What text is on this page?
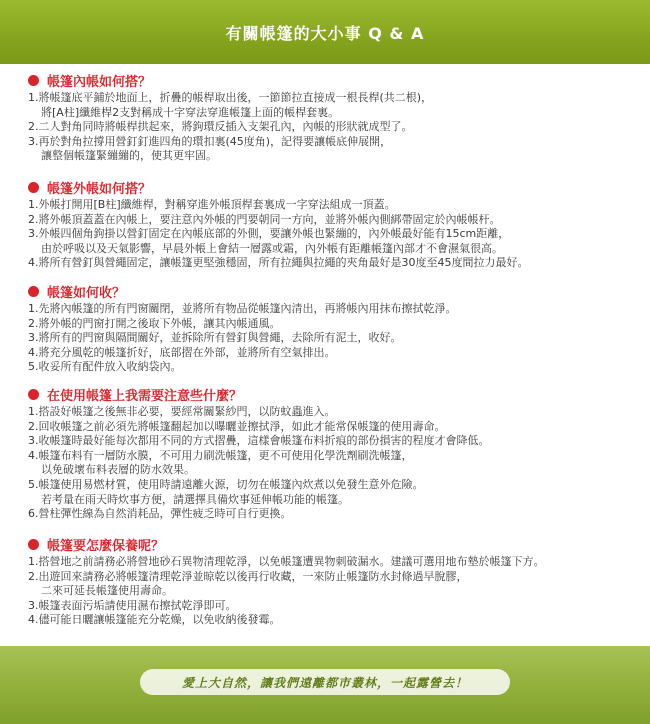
有關帳篷的大小事 Q & A
帳篷內帳如何搭？
1.將帳篷底平鋪於地面上，折疊的帳桿取出後，一節節拉直接成一根長桿(共二根)，
將[A柱]纖維桿2支對稱成十字穿法穿進帳篷上面的帳桿套裏。
2.二人對角同時將帳桿拱起來，將鉤環反插入支架孔內，內帳的形狀就成型了。
3.再於對角拉撐用營釘釘進四角的環扣裏(45度角)，記得要讓帳底伸展開，
讓整個帳篷緊繃繃的，使其更牢固。
帳篷外帳如何搭？
1.外帳打開用[B柱]纖維桿，對稱穿進外帳頂桿套裏成一字穿法組成一頂蓋。
2.將外帳頂蓋蓋在內帳上，要注意內外帳的門要朝同一方向，並將外帳內側綁帶固定於內帳帳杆。
3.外帳四個角鉤掛以營釘固定在內帳底部的外側，要讓外帳也緊繃的，內外帳最好能有15cm距離，
由於呼吸以及天氣影響，早晨外帳上會結一層露或霜，內外帳有距離帳篷內部才不會濕氣很高。
4.將所有營釘與營繩固定，讓帳篷更堅強穩固，所有拉繩與拉繩的夾角最好是30度至45度間拉力最好。
帳篷如何收？
1.先將內帳篷的所有門窗關閉，並將所有物品從帳篷內清出，再將帳內用抹布擦拭乾淨。
2.將外帳的門窗打開之後取下外帳，讓其內帳通風。
3.將所有的門窗與隔間關好，並拆除所有營釘與營繩，去除所有泥土，收好。
4.將充分風乾的帳篷折好，底部摺在外部，並將所有空氣排出。
5.收妥所有配件放入收納袋內。
在使用帳篷上我需要注意些什麼？
1.搭設好帳篷之後無非必要，要經常關緊紗門，以防蚊蟲進入。
2.回收帳篷之前必須先將帳篷翻起加以曝曬並擦拭淨，如此才能常保帳篷的使用壽命。
3.收帳篷時最好能每次都用不同的方式摺疊，這樣會帳篷布料折痕的部份損害的程度才會降低。
4.帳篷布料有一層防水膜，不可用力刷洗帳篷，更不可使用化學洗劑刷洗帳篷，
以免破壞布料表層的防水效果。
5.帳篷使用易燃材質，使用時請遠離火源，切勿在帳篷內炊煮以免發生意外危險。
若考量在雨天時炊事方便，請選擇具備炊事延伸帳功能的帳篷。
6.營柱彈性線為自然消耗品，彈性疲乏時可自行更換。
帳篷要怎麼保養呢？
1.搭營地之前請務必將營地砂石異物清理乾淨，以免帳篷遭異物刺破漏水。建議可選用地布墊於帳篷下方。
2.出遊回來請務必將帳篷清理乾淨並晾乾以後再行收藏，一來防止帳篷防水封條過早脫膠，
二來可延長帳篷使用壽命。
3.帳篷表面污垢請使用濕布擦拭乾淨即可。
4.儘可能日曬讓帳篷能充分乾燥，以免收納後發霉。
愛上大自然，讓我們遠離都市叢林，一起露營去！
